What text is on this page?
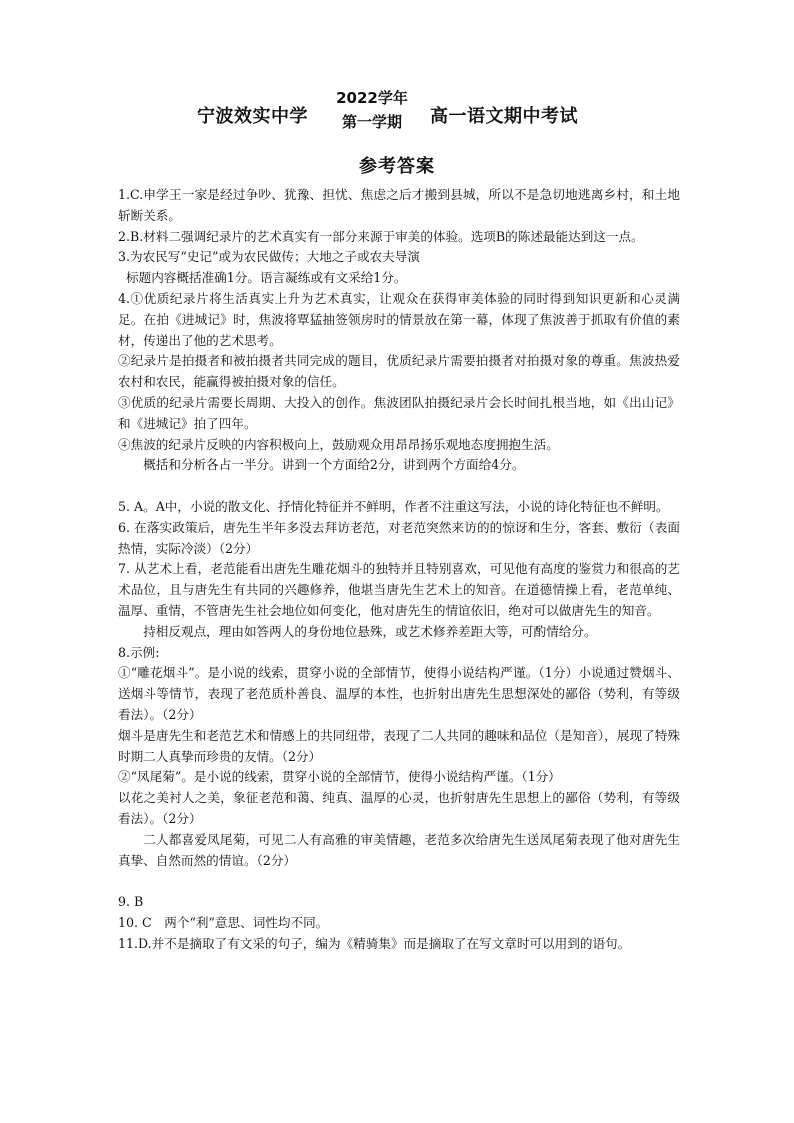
宁波效实中学
2022学年
第一学期	高一语文期中考试
参考答案

1.C.申学王一家是经过争吵、犹豫、担忧、焦虑之后才搬到县城，所以不是急切地逃离乡村，和土地斩断关系。

2.B.材料二强调纪录片的艺术真实有一部分来源于审美的体验。选项B的陈述最能达到这一点。

3.为农民写“史记”或为农民做传；大地之子或农夫导演

标题内容概括准确1分。语言凝练或有文采给1分。

4.①优质纪录片将生活真实上升为艺术真实，让观众在获得审美体验的同时得到知识更新和心灵满足。在拍《进城记》时，焦波将覃猛抽签领房时的情景放在第一幕，体现了焦波善于抓取有价值的素材，传递出了他的艺术思考。

②纪录片是拍摄者和被拍摄者共同完成的题目，优质纪录片需要拍摄者对拍摄对象的尊重。焦波热爱农村和农民，能赢得被拍摄对象的信任。

③优质的纪录片需要长周期、大投入的创作。焦波团队拍摄纪录片会长时间扎根当地，如《出山记》和《进城记》拍了四年。

④焦波的纪录片反映的内容积极向上，鼓励观众用昂昂扬乐观地态度拥抱生活。

概括和分析各占一半分。讲到一个方面给2分，讲到两个方面给4分。

5. A。A中，小说的散文化、抒情化特征并不鲜明，作者不注重这写法，小说的诗化特征也不鲜明。

6. 在落实政策后，唐先生半年多没去拜访老范，对老范突然来访的的惊讶和生分，客套、敷衍（表面热情，实际冷淡）（2分）

7. 从艺术上看，老范能看出唐先生雕花烟斗的独特并且特别喜欢，可见他有高度的鉴赏力和很高的艺术品位，且与唐先生有共同的兴趣修养，他堪当唐先生艺术上的知音。在道德情操上看，老范单纯、温厚、重情，不管唐先生社会地位如何变化，他对唐先生的情谊依旧，绝对可以做唐先生的知音。

持相反观点，理由如答两人的身份地位悬殊，或艺术修养差距大等，可酌情给分。

8.示例:

①“雕花烟斗”。是小说的线索，贯穿小说的全部情节，使得小说结构严谨。（1分）小说通过赞烟斗、送烟斗等情节，表现了老范质朴善良、温厚的本性，也折射出唐先生思想深处的鄙俗（势利，有等级看法）。（2分）

烟斗是唐先生和老范艺术和情感上的共同纽带，表现了二人共同的趣味和品位（是知音），展现了特殊时期二人真挚而珍贵的友情。（2分）

②“凤尾菊”。是小说的线索，贯穿小说的全部情节，使得小说结构严谨。（1分）

以花之美衬人之美，象征老范和蔼、纯真、温厚的心灵，也折射唐先生思想上的鄙俗（势利，有等级看法）。（2分）

二人都喜爱凤尾菊，可见二人有高雅的审美情趣，老范多次给唐先生送凤尾菊表现了他对唐先生真挚、自然而然的情谊。（2分）

9. B

10. C　两个“利”意思、词性均不同。

11.D.并不是摘取了有文采的句子，编为《精骑集》而是摘取了在写文章时可以用到的语句。
